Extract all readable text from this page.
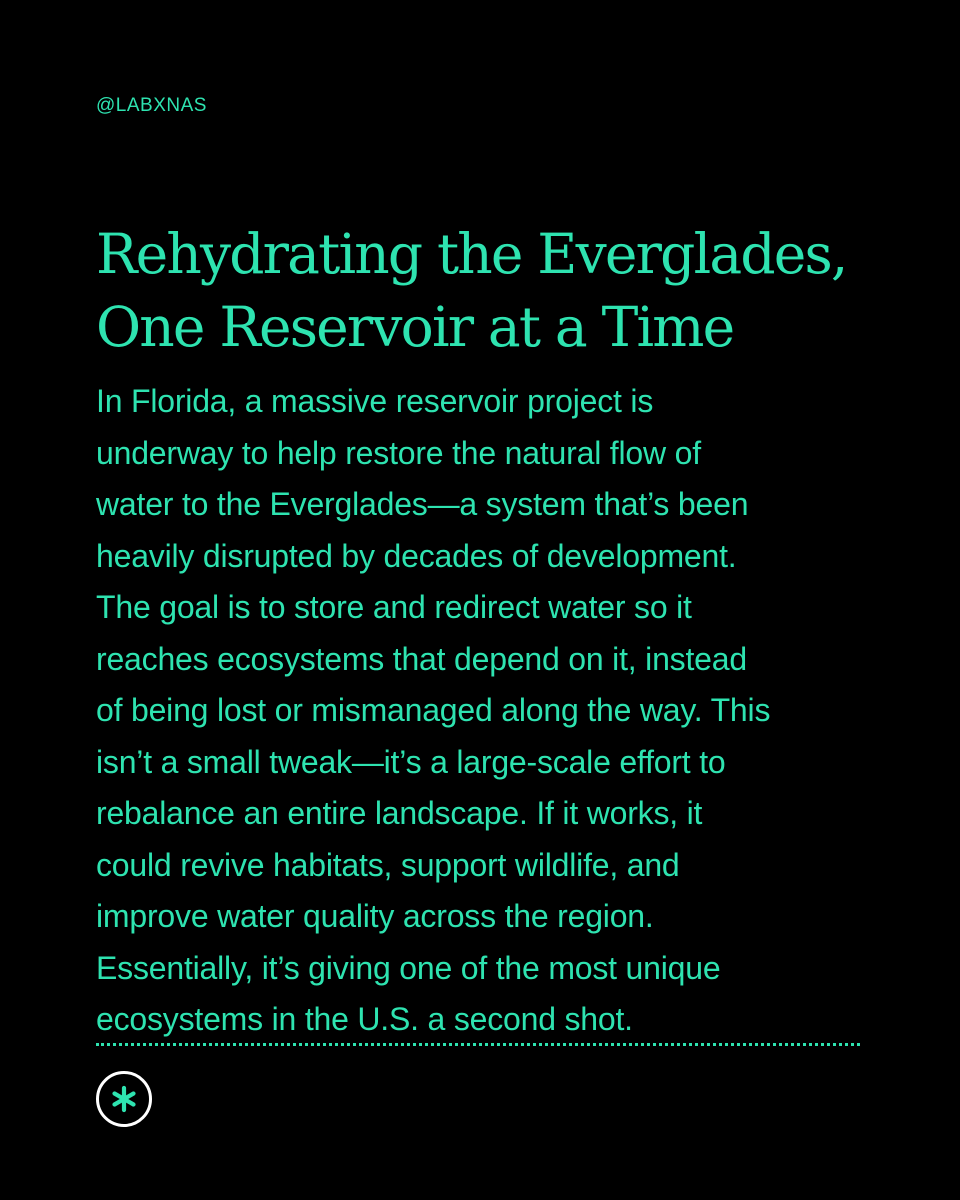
@LABXNAS
Rehydrating the Everglades,
One Reservoir at a Time

In Florida, a massive reservoir project is
underway to help restore the natural flow of
water to the Everglades—a system that’s been
heavily disrupted by decades of development.
The goal is to store and redirect water so it
reaches ecosystems that depend on it, instead
of being lost or mismanaged along the way. This
isn’t a small tweak—it’s a large-scale effort to
rebalance an entire landscape. If it works, it
could revive habitats, support wildlife, and
improve water quality across the region.
Essentially, it’s giving one of the most unique
ecosystems in the U.S. a second shot.
